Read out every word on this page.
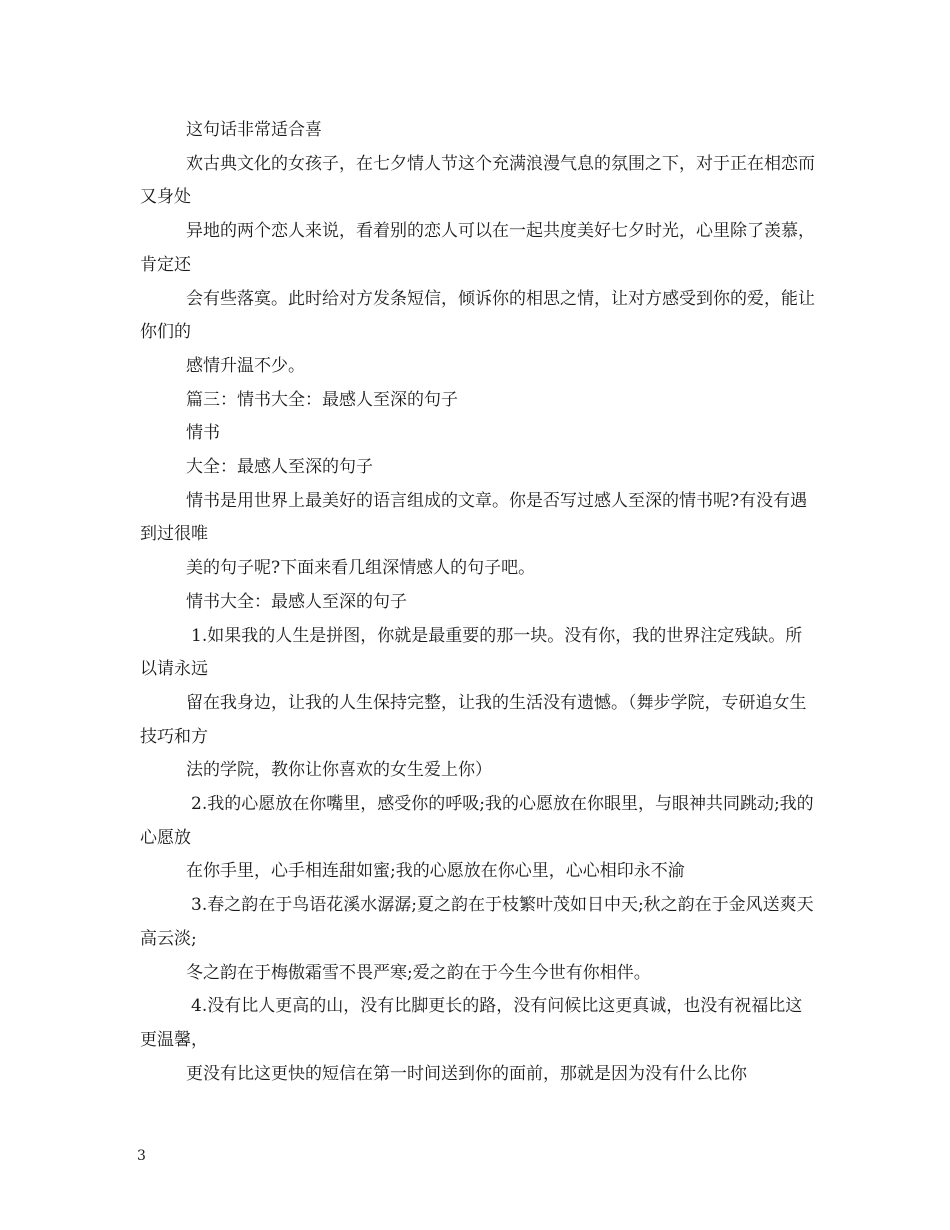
这句话非常适合喜

欢古典文化的女孩子，在七夕情人节这个充满浪漫气息的氛围之下，对于正在相恋而又身处

异地的两个恋人来说，看着别的恋人可以在一起共度美好七夕时光，心里除了羡慕，肯定还

会有些落寞。此时给对方发条短信，倾诉你的相思之情，让对方感受到你的爱，能让你们的

感情升温不少。

篇三：情书大全：最感人至深的句子

情书

大全：最感人至深的句子

情书是用世界上最美好的语言组成的文章。你是否写过感人至深的情书呢?有没有遇到过很唯

美的句子呢?下面来看几组深情感人的句子吧。

情书大全：最感人至深的句子

1.如果我的人生是拼图，你就是最重要的那一块。没有你，我的世界注定残缺。所以请永远

留在我身边，让我的人生保持完整，让我的生活没有遗憾。（舞步学院，专研追女生技巧和方

法的学院，教你让你喜欢的女生爱上你）

2.我的心愿放在你嘴里，感受你的呼吸;我的心愿放在你眼里，与眼神共同跳动;我的心愿放

在你手里，心手相连甜如蜜;我的心愿放在你心里，心心相印永不渝

3.春之韵在于鸟语花溪水潺潺;夏之韵在于枝繁叶茂如日中天;秋之韵在于金风送爽天高云淡;

冬之韵在于梅傲霜雪不畏严寒;爱之韵在于今生今世有你相伴。

4.没有比人更高的山，没有比脚更长的路，没有问候比这更真诚，也没有祝福比这更温馨，

更没有比这更快的短信在第一时间送到你的面前，那就是因为没有什么比你

3
